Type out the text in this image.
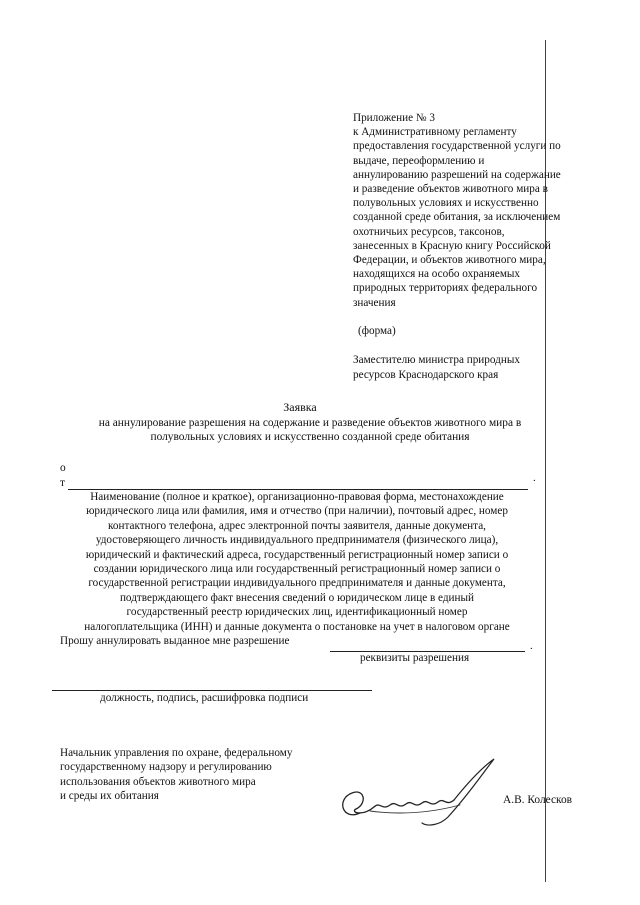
Приложение № 3
к Административному регламенту
предоставления государственной услуги по
выдаче, переоформлению и
аннулированию разрешений на содержание
и разведение объектов животного мира в
полувольных условиях и искусственно
созданной среде обитания, за исключением
охотничьих ресурсов, таксонов,
занесенных в Красную книгу Российской
Федерации, и объектов животного мира,
находящихся на особо охраняемых
природных территориях федерального
значения
(форма)
Заместителю министра природных
ресурсов Краснодарского края
Заявка
на аннулирование разрешения на содержание и разведение объектов животного мира в
полувольных условиях и искусственно созданной среде обитания
о
т	.
Наименование (полное и краткое), организационно-правовая форма, местонахождение
юридического лица или фамилия, имя и отчество (при наличии), почтовый адрес, номер
контактного телефона, адрес электронной почты заявителя, данные документа,
удостоверяющего личность индивидуального предпринимателя (физического лица),
юридический и фактический адреса, государственный регистрационный номер записи о
создании юридического лица или государственный регистрационный номер записи о
государственной регистрации индивидуального предпринимателя и данные документа,
подтверждающего факт внесения сведений о юридическом лице в единый
государственный реестр юридических лиц, идентификационный номер
налогоплательщика (ИНН) и данные документа о постановке на учет в налоговом органе
Прошу аннулировать выданное мне разрешение	.
реквизиты разрешения
должность, подпись, расшифровка подписи
Начальник управления по охране, федеральному
государственному надзору и регулированию
использования объектов животного мира
и среды их обитания	А.В. Колесков
